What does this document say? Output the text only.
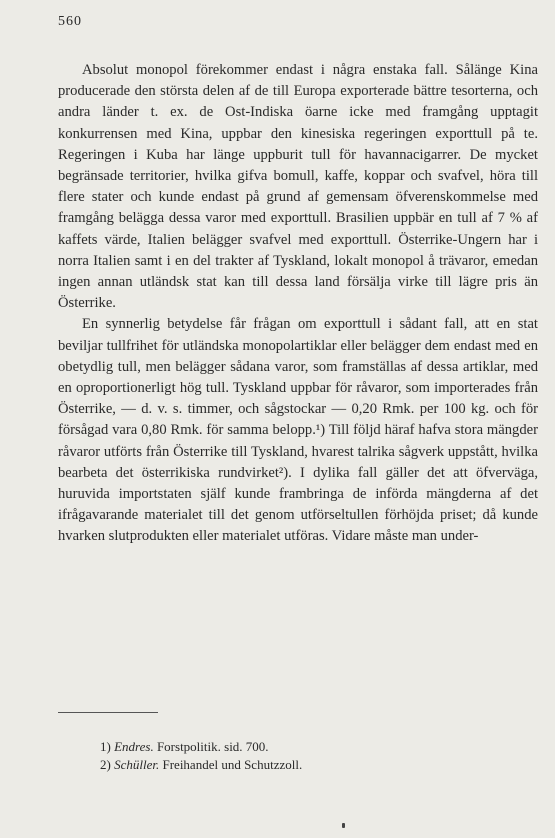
560

Absolut monopol förekommer endast i några enstaka fall. Sålänge Kina producerade den största delen af de till Europa exporterade bättre tesorterna, och andra länder t. ex. de Ost-Indiska öarne icke med framgång upptagit konkurrensen med Kina, uppbar den kinesiska regeringen exporttull på te. Regeringen i Kuba har länge uppburit tull för havannacigarrer. De mycket begränsade territorier, hvilka gifva bomull, kaffe, koppar och svafvel, höra till flere stater och kunde endast på grund af gemensam öfverenskommelse med framgång belägga dessa varor med exporttull. Brasilien uppbär en tull af 7 % af kaffets värde, Italien belägger svafvel med exporttull. Österrike-Ungern har i norra Italien samt i en del trakter af Tyskland, lokalt monopol å trävaror, emedan ingen annan utländsk stat kan till dessa land försälja virke till lägre pris än Österrike.

En synnerlig betydelse får frågan om exporttull i sådant fall, att en stat beviljar tullfrihet för utländska monopolartiklar eller belägger dem endast med en obetydlig tull, men belägger sådana varor, som framställas af dessa artiklar, med en oproportionerligt hög tull. Tyskland uppbar för råvaror, som importerades från Österrike, — d. v. s. timmer, och sågstockar — 0,20 Rmk. per 100 kg. och för försågad vara 0,80 Rmk. för samma belopp.¹) Till följd häraf hafva stora mängder råvaror utförts från Österrike till Tyskland, hvarest talrika sågverk uppstått, hvilka bearbeta det österrikiska rundvirket²). I dylika fall gäller det att öfverväga, huruvida importstaten själf kunde frambringa de införda mängderna af det ifrågavarande materialet till det genom utförseltullen förhöjda priset; då kunde hvarken slutprodukten eller materialet utföras. Vidare måste man under-

1) Endres. Forstpolitik. sid. 700.
2) Schüller. Freihandel und Schutzzoll.
